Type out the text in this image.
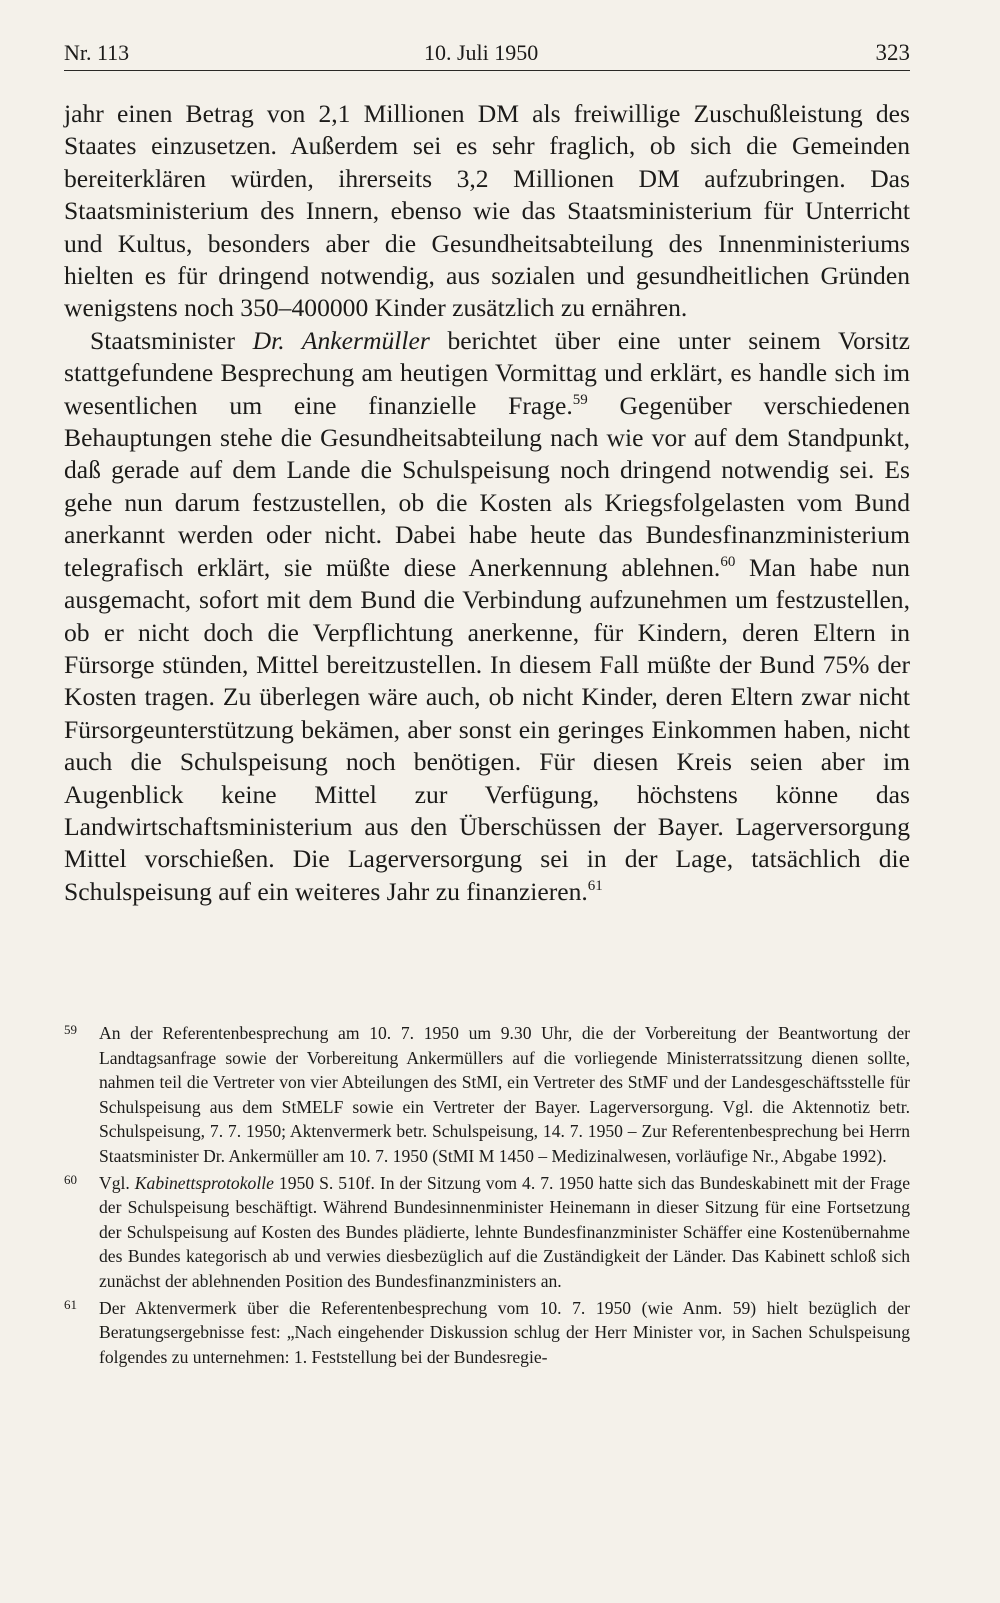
Nr. 113	10. Juli 1950	323

jahr einen Betrag von 2,1 Millionen DM als freiwillige Zuschußleistung des Staates einzusetzen. Außerdem sei es sehr fraglich, ob sich die Gemeinden bereiterklären würden, ihrerseits 3,2 Millionen DM aufzubringen. Das Staatsministerium des Innern, ebenso wie das Staatsministerium für Unterricht und Kultus, besonders aber die Gesundheitsabteilung des Innenministeriums hielten es für dringend notwendig, aus sozialen und gesundheitlichen Gründen wenigstens noch 350–400000 Kinder zusätzlich zu ernähren.

Staatsminister Dr. Ankermüller berichtet über eine unter seinem Vorsitz stattgefundene Besprechung am heutigen Vormittag und erklärt, es handle sich im wesentlichen um eine finanzielle Frage.$^{59}$ Gegenüber verschiedenen Behauptungen stehe die Gesundheitsabteilung nach wie vor auf dem Standpunkt, daß gerade auf dem Lande die Schulspeisung noch dringend notwendig sei. Es gehe nun darum festzustellen, ob die Kosten als Kriegsfolgelasten vom Bund anerkannt werden oder nicht. Dabei habe heute das Bundesfinanzministerium telegrafisch erklärt, sie müßte diese Anerkennung ablehnen.$^{60}$ Man habe nun ausgemacht, sofort mit dem Bund die Verbindung aufzunehmen um festzustellen, ob er nicht doch die Verpflichtung anerkenne, für Kindern, deren Eltern in Fürsorge stünden, Mittel bereitzustellen. In diesem Fall müßte der Bund 75% der Kosten tragen. Zu überlegen wäre auch, ob nicht Kinder, deren Eltern zwar nicht Fürsorgeunterstützung bekämen, aber sonst ein geringes Einkommen haben, nicht auch die Schulspeisung noch benötigen. Für diesen Kreis seien aber im Augenblick keine Mittel zur Verfügung, höchstens könne das Landwirtschaftsministerium aus den Überschüssen der Bayer. Lagerversorgung Mittel vorschießen. Die Lagerversorgung sei in der Lage, tatsächlich die Schulspeisung auf ein weiteres Jahr zu finanzieren.$^{61}$

59 An der Referentenbesprechung am 10. 7. 1950 um 9.30 Uhr, die der Vorbereitung der Beantwortung der Landtagsanfrage sowie der Vorbereitung Ankermüllers auf die vorliegende Ministerratssitzung dienen sollte, nahmen teil die Vertreter von vier Abteilungen des StMI, ein Vertreter des StMF und der Landesgeschäftsstelle für Schulspeisung aus dem StMELF sowie ein Vertreter der Bayer. Lagerversorgung. Vgl. die Aktennotiz betr. Schulspeisung, 7. 7. 1950; Aktenvermerk betr. Schulspeisung, 14. 7. 1950 – Zur Referentenbesprechung bei Herrn Staatsminister Dr. Ankermüller am 10. 7. 1950 (StMI M 1450 – Medizinalwesen, vorläufige Nr., Abgabe 1992).
60 Vgl. Kabinettsprotokolle 1950 S. 510f. In der Sitzung vom 4. 7. 1950 hatte sich das Bundeskabinett mit der Frage der Schulspeisung beschäftigt. Während Bundesinnenminister Heinemann in dieser Sitzung für eine Fortsetzung der Schulspeisung auf Kosten des Bundes plädierte, lehnte Bundesfinanzminister Schäffer eine Kostenübernahme des Bundes kategorisch ab und verwies diesbezüglich auf die Zuständigkeit der Länder. Das Kabinett schloß sich zunächst der ablehnenden Position des Bundesfinanzministers an.
61 Der Aktenvermerk über die Referentenbesprechung vom 10. 7. 1950 (wie Anm. 59) hielt bezüglich der Beratungsergebnisse fest: „Nach eingehender Diskussion schlug der Herr Minister vor, in Sachen Schulspeisung folgendes zu unternehmen: 1. Feststellung bei der Bundesregie-
